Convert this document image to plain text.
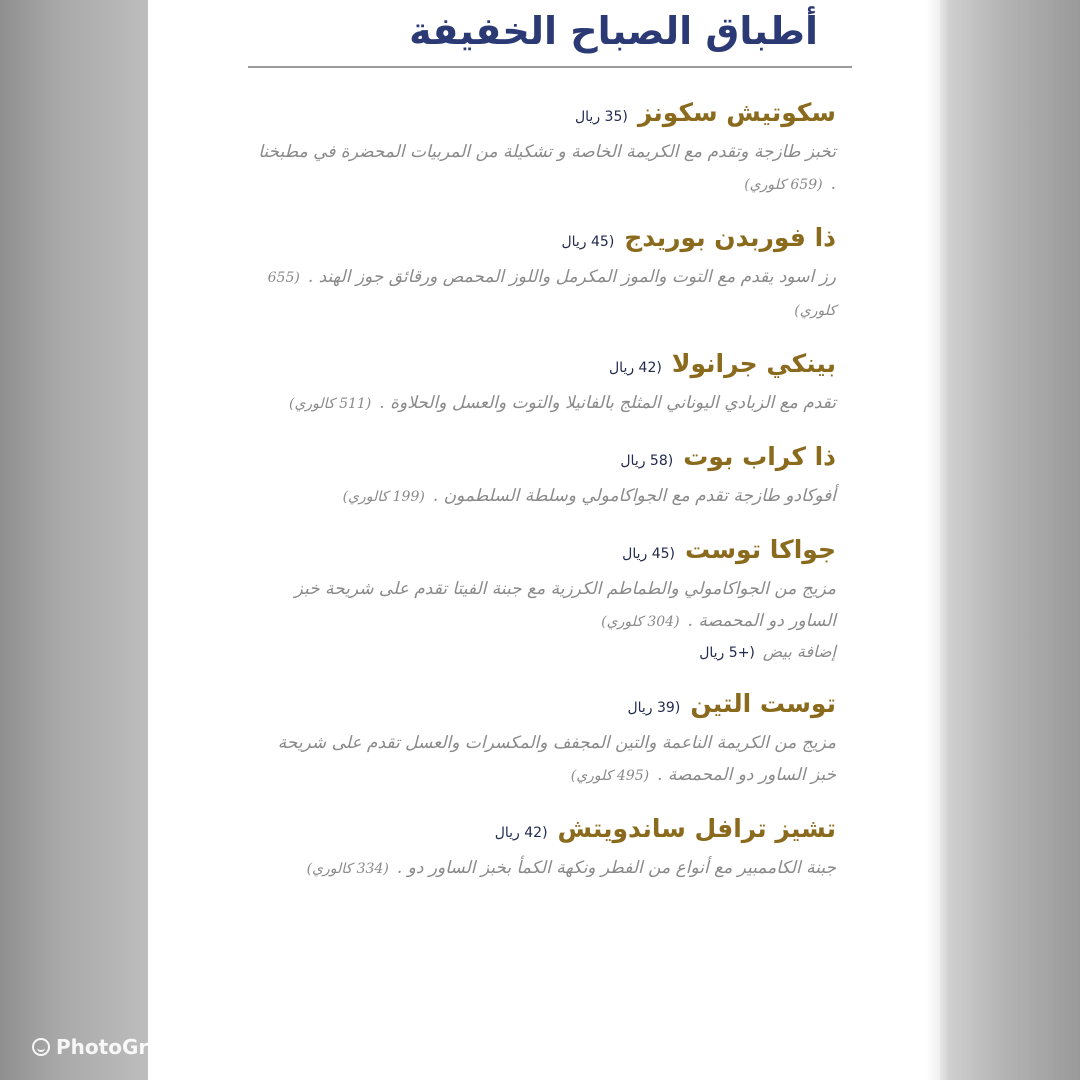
أطباق الصباح الخفيفة
سكوتيش سكونز(35 ريال

تخبز طازجة وتقدم مع الكريمة الخاصة و تشكيلة من المربيات المحضرة في مطبخنا .(659 كلوري)

ذا فوربدن بوريدج(45 ريال

رز اسود يقدم مع التوت والموز المكرمل واللوز المحمص ورقائق جوز الهند .(655 كلوري)

بينكي جرانولا(42 ريال

تقدم مع الزبادي اليوناني المثلج بالفانيلا والتوت والعسل والحلاوة .(511 كالوري)

ذا كراب بوت(58 ريال

أفوكادو طازجة تقدم مع الجواكامولي وسلطة السلطمون .(199 كالوري)

جواكا توست(45 ريال

مزيج من الجواكامولي والطماطم الكرزية مع جبنة الفيتا تقدم على شريحة خبز الساور دو المحمصة .(304 كلوري)

إضافة بيض(+5 ريال

توست التين(39 ريال

مزيج من الكريمة الناعمة والتين المجفف والمكسرات والعسل تقدم على شريحة خبز الساور دو المحمصة .(495 كلوري)

تشيز ترافل ساندويتش(42 ريال

جبنة الكاممبير مع أنواع من الفطر ونكهة الكمأ بخبز الساور دو .(334 كالوري)

PhotoGrid
